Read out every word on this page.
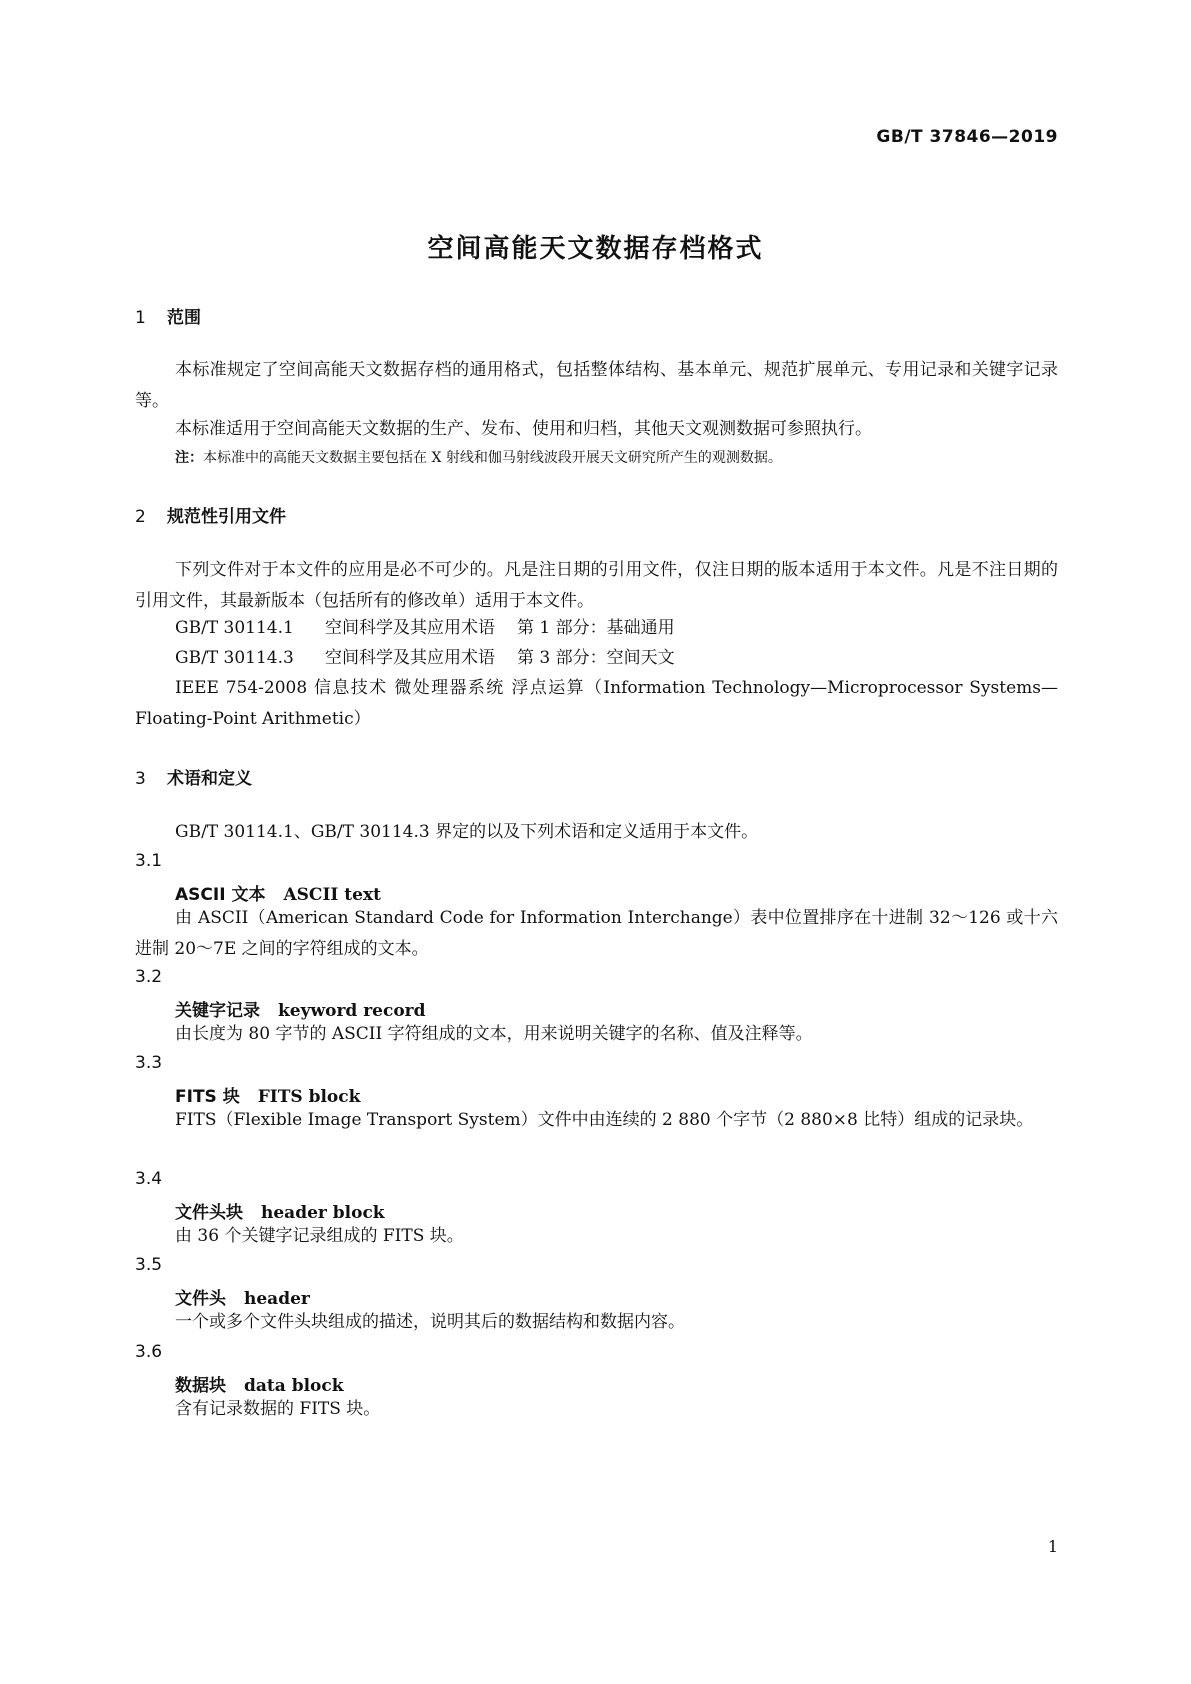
GB/T 37846—2019
空间高能天文数据存档格式
1 范围
本标准规定了空间高能天文数据存档的通用格式，包括整体结构、基本单元、规范扩展单元、专用记录和关键字记录等。
本标准适用于空间高能天文数据的生产、发布、使用和归档，其他天文观测数据可参照执行。
注：本标准中的高能天文数据主要包括在 X 射线和伽马射线波段开展天文研究所产生的观测数据。
2 规范性引用文件
下列文件对于本文件的应用是必不可少的。凡是注日期的引用文件，仅注日期的版本适用于本文件。凡是不注日期的引用文件，其最新版本（包括所有的修改单）适用于本文件。
GB/T 30114.1 空间科学及其应用术语 第 1 部分：基础通用
GB/T 30114.3 空间科学及其应用术语 第 3 部分：空间天文
IEEE 754-2008 信息技术 微处理器系统 浮点运算（Information Technology—Microprocessor Systems—Floating-Point Arithmetic）
3 术语和定义
GB/T 30114.1、GB/T 30114.3 界定的以及下列术语和定义适用于本文件。
3.1
ASCII 文本 ASCII text
由 ASCII（American Standard Code for Information Interchange）表中位置排序在十进制 32～126 或十六进制 20～7E 之间的字符组成的文本。
3.2
关键字记录 keyword record
由长度为 80 字节的 ASCII 字符组成的文本，用来说明关键字的名称、值及注释等。
3.3
FITS 块 FITS block
FITS（Flexible Image Transport System）文件中由连续的 2 880 个字节（2 880×8 比特）组成的记录块。
3.4
文件头块 header block
由 36 个关键字记录组成的 FITS 块。
3.5
文件头 header
一个或多个文件头块组成的描述，说明其后的数据结构和数据内容。
3.6
数据块 data block
含有记录数据的 FITS 块。
1
